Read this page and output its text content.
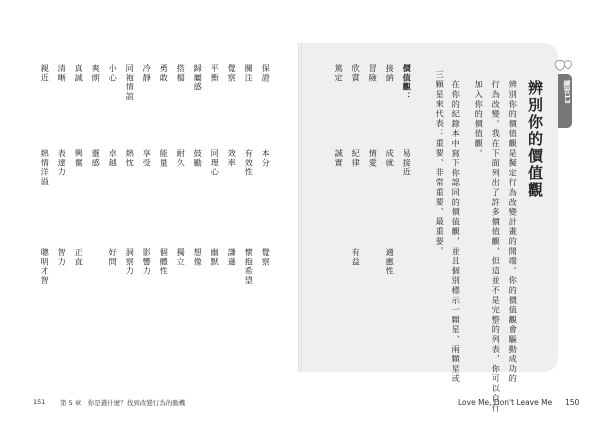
保證
本分
覺察
關注
有效性
懷抱希望
覺察
效率
謙遜
平衡
同理心
幽默
歸屬感
鼓勵
想像
搭檔
耐久
獨立
勇敢
能量
個體性
冷靜
享受
影響力
同袍情誼
熱忱
洞察力
小心
卓越
好問
爽朗
靈感
真誠
興奮
正直
清晰
表達力
智力
親近
熱情洋溢
聰明才智
辨別你的價值觀
辨別你的價值觀是擬定行為改變計畫的開端。你的價值觀會驅動成功的
行為改變。我在下面列出了許多價值觀，但這並不是完整的列表，你可以自行
加入你的價值觀。
在你的紀錄本中寫下你認同的價值觀，並且個別標示一顆星、兩顆星或
三顆星來代表：重要、非常重要、最重要。
價值觀：
接納
成就
適應性
冒險
情愛
欣賞
紀律
有益
篤定
誠實	易接近
練習13
151 第 5 章　你是選什麼？找到改變行為的動機	Love Me, Don't Leave Me 150
